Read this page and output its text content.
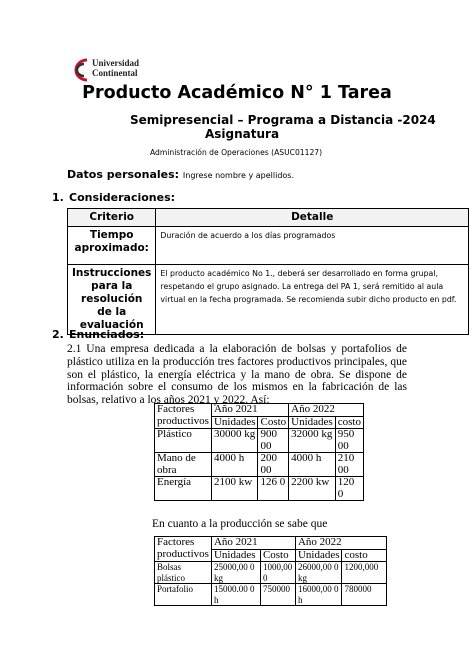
Universidad
Continental
Producto Académico N° 1 Tarea
Semipresencial – Programa a Distancia -2024
Asignatura
Administración de Operaciones (ASUC01127)
Datos personales: Ingrese nombre y apellidos.
1. Consideraciones:
Criterio	Detalle
Tiempo aproximado:	Duración de acuerdo a los días programados
Instrucciones para la resolución de la evaluación	El producto académico No 1., deberá ser desarrollado en forma grupal, respetando el grupo asignado. La entrega del PA 1, será remitido al aula virtual en la fecha programada. Se recomienda subir dicho producto en pdf.
2. Enunciados:
2.1 Una empresa dedicada a la elaboración de bolsas y portafolios de plástico utiliza en la producción tres factores productivos principales, que son el plástico, la energía eléctrica y la mano de obra. Se dispone de información sobre el consumo de los mismos en la fabricación de las bolsas, relativo a los años 2021 y 2022. Así:
Factores productivos	Año 2021		Año 2022	
	Unidades	Costo	Unidades	costo
Plástico	30000 kg	900 00	32000 kg	950 00
Mano de obra	4000 h	200 00	4000 h	210 00
Energía	2100 kw	126 0	2200 kw	120 0
En cuanto a la producción se sabe que
Factores productivos	Año 2021		Año 2022	
	Unidades	Costo	Unidades	costo
Bolsas plástico	25000,00 0 kg	1000,00 0	26000,00 0 kg	1200,000
Portafolio	15000.00 0 h	750000	16000,00 0 h	780000
